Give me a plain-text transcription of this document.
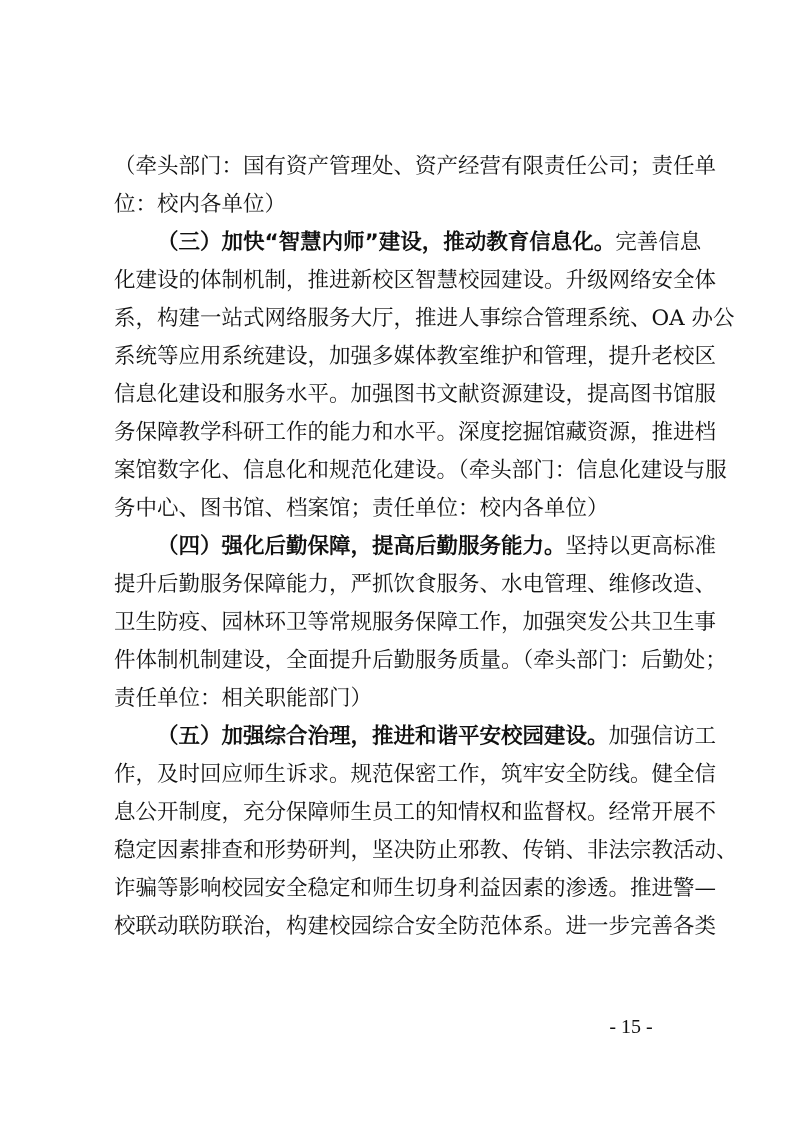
（牵头部门：国有资产管理处、资产经营有限责任公司；责任单
位：校内各单位）
（三）加快“智慧内师”建设，推动教育信息化。完善信息
化建设的体制机制，推进新校区智慧校园建设。升级网络安全体
系，构建一站式网络服务大厅，推进人事综合管理系统、OA 办公
系统等应用系统建设，加强多媒体教室维护和管理，提升老校区
信息化建设和服务水平。加强图书文献资源建设，提高图书馆服
务保障教学科研工作的能力和水平。深度挖掘馆藏资源，推进档
案馆数字化、信息化和规范化建设。（牵头部门：信息化建设与服
务中心、图书馆、档案馆；责任单位：校内各单位）
（四）强化后勤保障，提高后勤服务能力。坚持以更高标准
提升后勤服务保障能力，严抓饮食服务、水电管理、维修改造、
卫生防疫、园林环卫等常规服务保障工作，加强突发公共卫生事
件体制机制建设，全面提升后勤服务质量。（牵头部门：后勤处；
责任单位：相关职能部门）
（五）加强综合治理，推进和谐平安校园建设。加强信访工
作，及时回应师生诉求。规范保密工作，筑牢安全防线。健全信
息公开制度，充分保障师生员工的知情权和监督权。经常开展不
稳定因素排查和形势研判，坚决防止邪教、传销、非法宗教活动、
诈骗等影响校园安全稳定和师生切身利益因素的渗透。推进警—
校联动联防联治，构建校园综合安全防范体系。进一步完善各类
- 15 -
